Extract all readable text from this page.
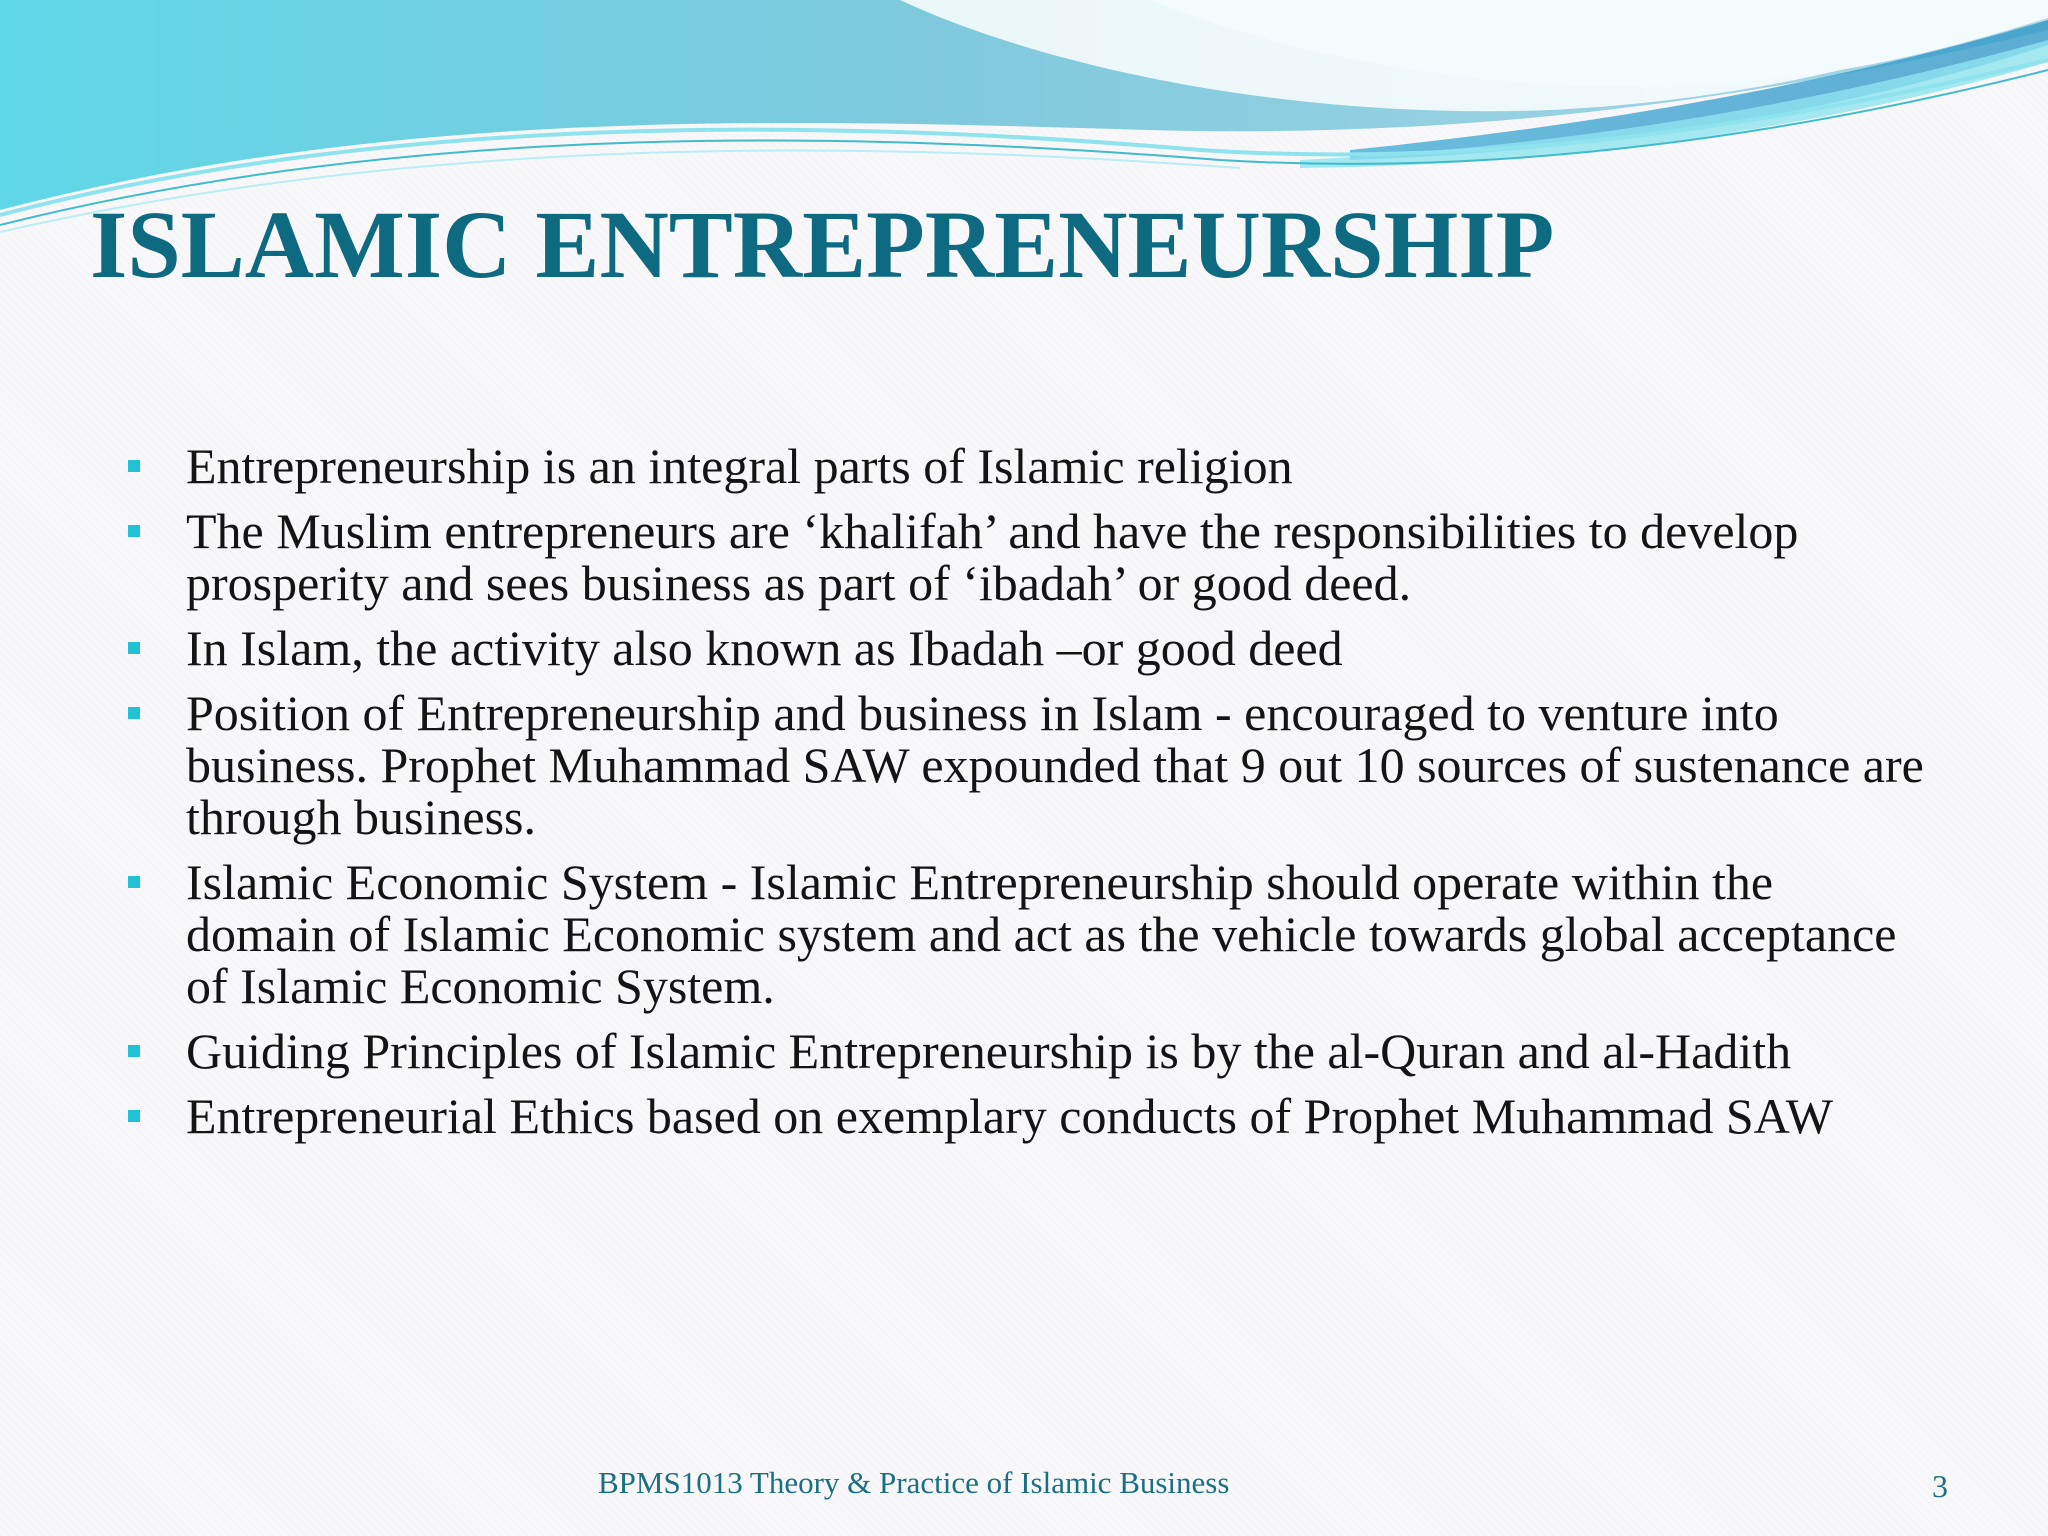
ISLAMIC ENTREPRENEURSHIP
Entrepreneurship is an integral parts of Islamic religion
The Muslim entrepreneurs are ‘khalifah’ and have the responsibilities to develop prosperity and sees business as part of ‘ibadah’ or good deed.
In Islam, the activity also known as Ibadah –or good deed
Position of Entrepreneurship and business in Islam - encouraged to venture into business. Prophet Muhammad SAW expounded that 9 out 10 sources of sustenance are through business.
Islamic Economic System - Islamic Entrepreneurship should operate within the domain of Islamic Economic system and act as the vehicle towards global acceptance of Islamic Economic System.
Guiding Principles of Islamic Entrepreneurship is by the al-Quran and al-Hadith
Entrepreneurial Ethics based on exemplary conducts of Prophet Muhammad SAW
BPMS1013 Theory & Practice of Islamic Business	3
